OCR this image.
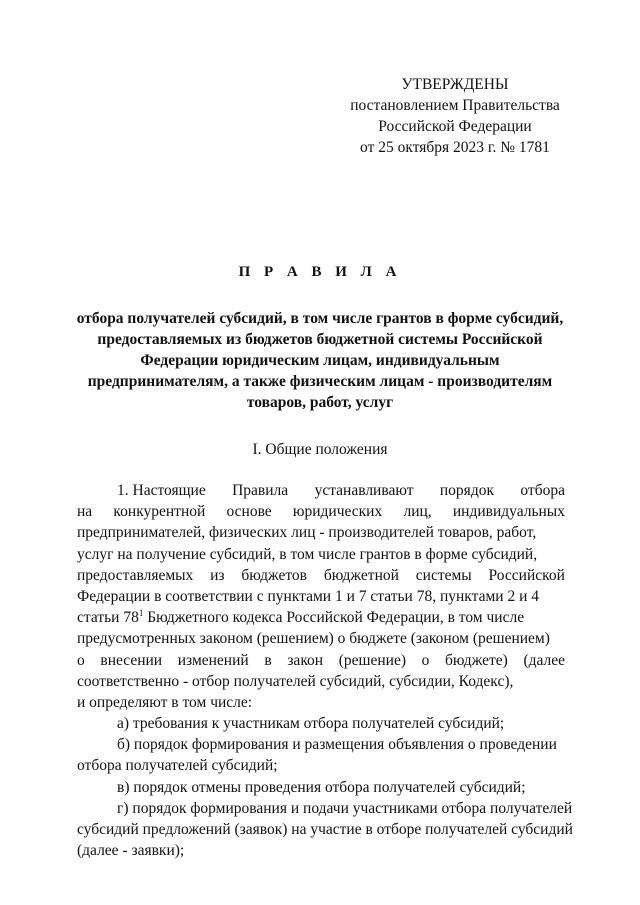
УТВЕРЖДЕНЫ
постановлением Правительства
Российской Федерации
от 25 октября 2023 г. № 1781
П Р А В И Л А
отбора получателей субсидий, в том числе грантов в форме субсидий,
предоставляемых из бюджетов бюджетной системы Российской
Федерации юридическим лицам, индивидуальным
предпринимателям, а также физическим лицам - производителям
товаров, работ, услуг
I. Общие положения
1. Настоящие Правила устанавливают порядок отбора
на конкурентной основе юридических лиц, индивидуальных
предпринимателей, физических лиц - производителей товаров, работ,
услуг на получение субсидий, в том числе грантов в форме субсидий,
предоставляемых из бюджетов бюджетной системы Российской
Федерации в соответствии с пунктами 1 и 7 статьи 78, пунктами 2 и 4
статьи $78^1$ Бюджетного кодекса Российской Федерации, в том числе
предусмотренных законом (решением) о бюджете (законом (решением)
о внесении изменений в закон (решение) о бюджете) (далее
соответственно - отбор получателей субсидий, субсидии, Кодекс),
и определяют в том числе:
а) требования к участникам отбора получателей субсидий;
б) порядок формирования и размещения объявления о проведении
отбора получателей субсидий;
в) порядок отмены проведения отбора получателей субсидий;
г) порядок формирования и подачи участниками отбора получателей
субсидий предложений (заявок) на участие в отборе получателей субсидий
(далее - заявки);
